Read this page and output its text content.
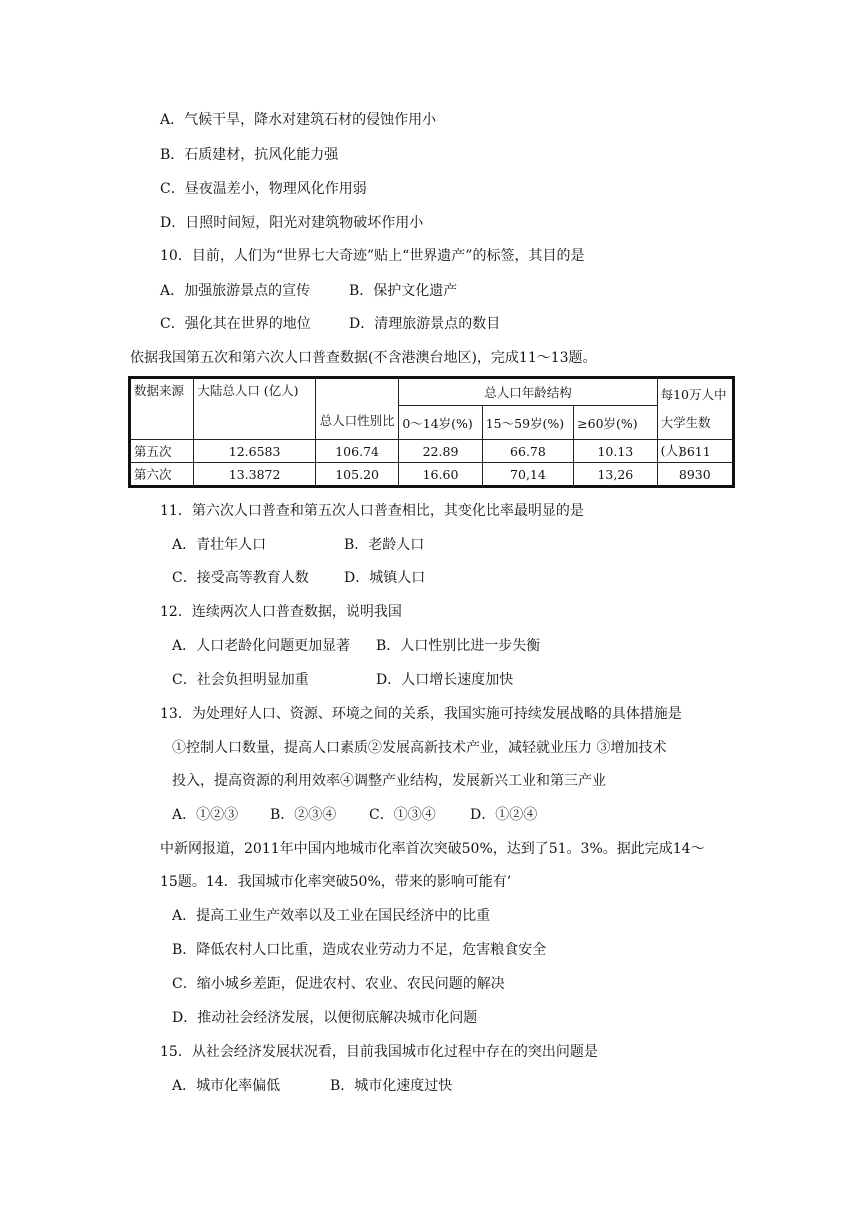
A．气候干旱，降水对建筑石材的侵蚀作用小
B．石质建材，抗风化能力强
C．昼夜温差小，物理风化作用弱
D．日照时间短，阳光对建筑物破坏作用小
10．目前，人们为“世界七大奇迹”贴上“世界遗产”的标签，其目的是
A．加强旅游景点的宣传	B．保护文化遗产
C．强化其在世界的地位	D．清理旅游景点的数目
依据我国第五次和第六次人口普查数据(不含港澳台地区)，完成11～13题。
数据来源	大陆总人口 (亿人)	总人口性别比	总人口年龄结构			每10万人中
大学生数(人)

			0～14岁(%)	15～59岁(%)	≥60岁(%)	
第五次	12.6583	106.74	22.89	66.78	10.13	3611
第六次	13.3872	105.20	16.60	70,14	13,26	8930
11．第六次人口普查和第五次人口普查相比，其变化比率最明显的是
A．青壮年人口	B．老龄人口
C．接受高等教育人数	D．城镇人口
12．连续两次人口普查数据，说明我国
A．人口老龄化问题更加显著 B．人口性别比进一步失衡
C．社会负担明显加重	D．人口增长速度加快
13．为处理好人口、资源、环境之间的关系，我国实施可持续发展战略的具体措施是
①控制人口数量，提高人口素质②发展高新技术产业，减轻就业压力 ③增加技术
投入，提高资源的利用效率④调整产业结构，发展新兴工业和第三产业
A．①②③ B．②③④ C．①③④ D．①②④
中新网报道，2011年中国内地城市化率首次突破50%，达到了51。3%。据此完成14～
15题。14．我国城市化率突破50%，带来的影响可能有’
A．提高工业生产效率以及工业在国民经济中的比重
B．降低农村人口比重，造成农业劳动力不足，危害粮食安全
C．缩小城乡差距，促进农村、农业、农民问题的解决
D．推动社会经济发展，以便彻底解决城市化问题
15．从社会经济发展状况看，目前我国城市化过程中存在的突出问题是
A．城市化率偏低	B．城市化速度过快
